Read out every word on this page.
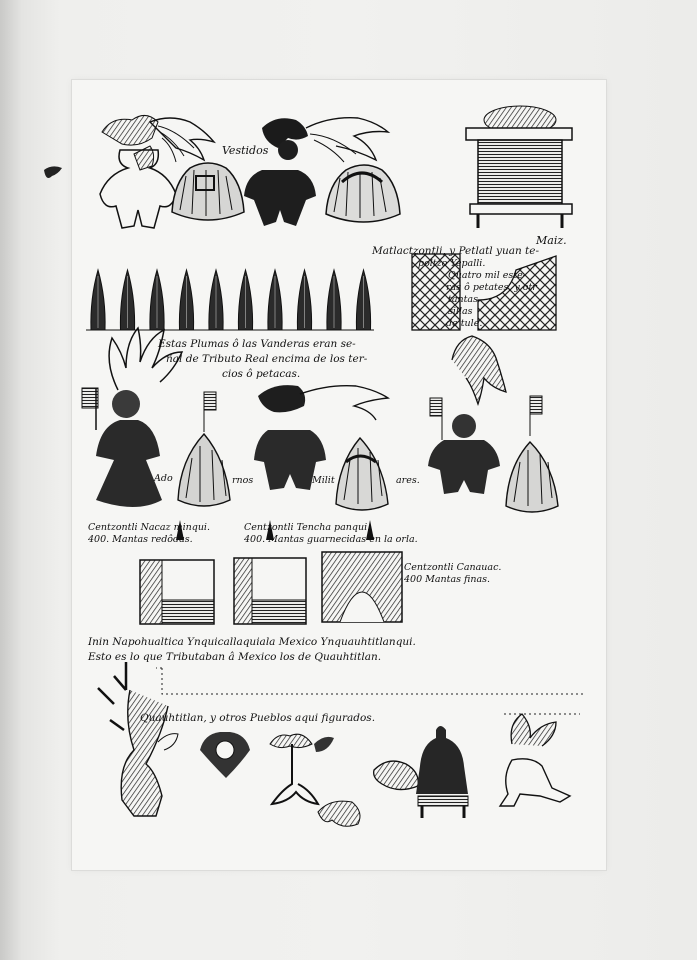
Vestidos

Maiz.

Matlactzontli, y Petlatl yuan te-

poltzo Yepalli.

Quatro mil este-

ras ô petates, y otr

tantas

sillas

de tule.

Estas Plumas ô las Vanderas eran se-

ñal de Tributo Real encima de los ter-

cios ô petacas.

Ado	rnos	Milit	ares.

Centzontli Nacaz minqui.

400. Mantas redôdas.

Centzontli Tencha panqui.

400. Mantas guarnecidas en la orla.

Centzontli Canauac.

400 Mantas finas.

Inin Napohualtica Ynquicallaquiala Mexico Ynquauhtitlanqui.

Esto es lo que Tributaban â Mexico los de Quauhtitlan.

Quauhtitlan, y otros Pueblos aqui figurados.
